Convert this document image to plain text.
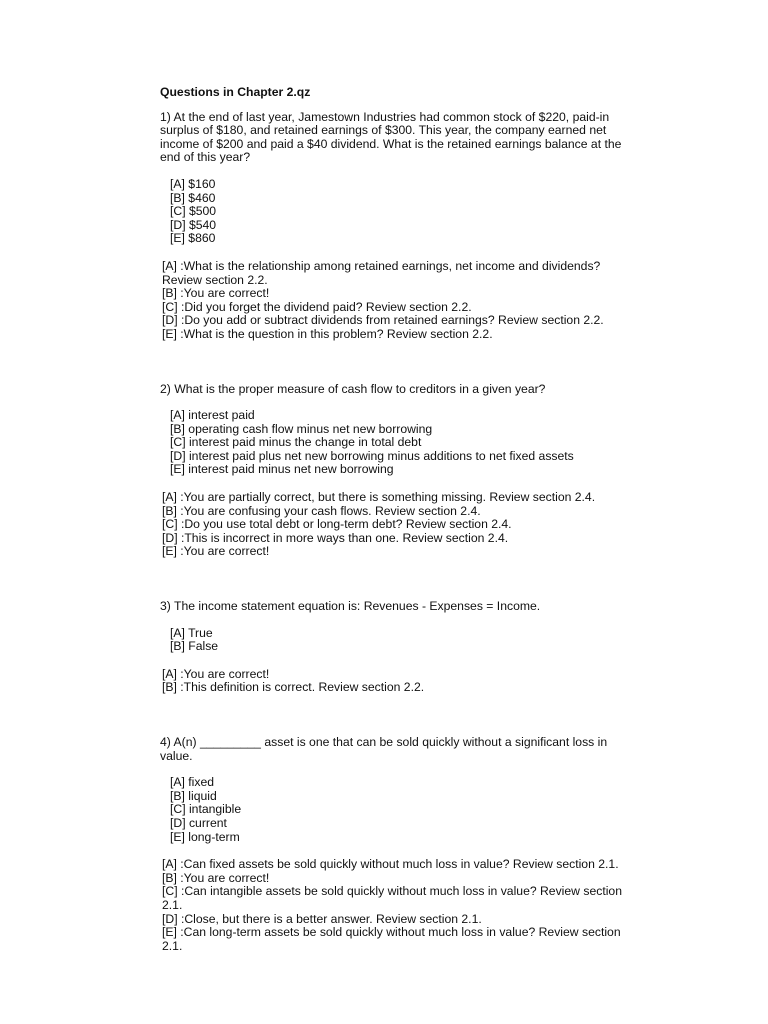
Questions in Chapter 2.qz
1) At the end of last year, Jamestown Industries had common stock of $220, paid-in surplus of $180, and retained earnings of $300. This year, the company earned net income of $200 and paid a $40 dividend. What is the retained earnings balance at the end of this year?
[A] $160
[B] $460
[C] $500
[D] $540
[E] $860
[A] :What is the relationship among retained earnings, net income and dividends? Review section 2.2.
[B] :You are correct!
[C] :Did you forget the dividend paid? Review section 2.2.
[D] :Do you add or subtract dividends from retained earnings? Review section 2.2.
[E] :What is the question in this problem? Review section 2.2.
2) What is the proper measure of cash flow to creditors in a given year?
[A] interest paid
[B] operating cash flow minus net new borrowing
[C] interest paid minus the change in total debt
[D] interest paid plus net new borrowing minus additions to net fixed assets
[E] interest paid minus net new borrowing
[A] :You are partially correct, but there is something missing. Review section 2.4.
[B] :You are confusing your cash flows. Review section 2.4.
[C] :Do you use total debt or long-term debt? Review section 2.4.
[D] :This is incorrect in more ways than one. Review section 2.4.
[E] :You are correct!
3) The income statement equation is: Revenues - Expenses = Income.
[A] True
[B] False
[A] :You are correct!
[B] :This definition is correct. Review section 2.2.
4) A(n) _________ asset is one that can be sold quickly without a significant loss in value.
[A] fixed
[B] liquid
[C] intangible
[D] current
[E] long-term
[A] :Can fixed assets be sold quickly without much loss in value? Review section 2.1.
[B] :You are correct!
[C] :Can intangible assets be sold quickly without much loss in value? Review section 2.1.
[D] :Close, but there is a better answer. Review section 2.1.
[E] :Can long-term assets be sold quickly without much loss in value? Review section 2.1.
